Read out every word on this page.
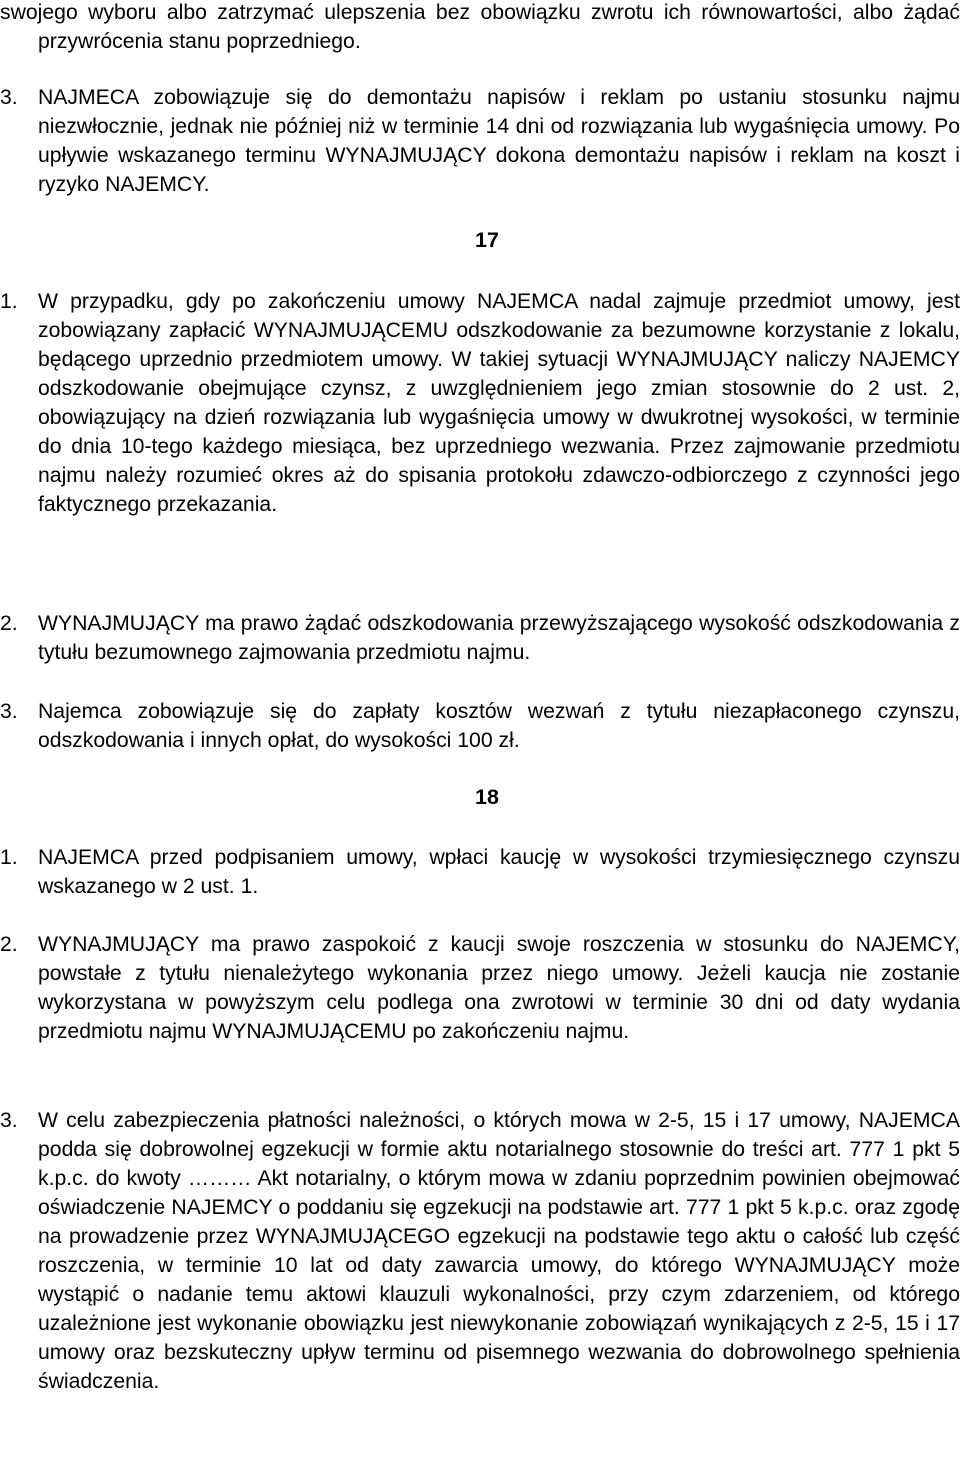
swojego wyboru albo zatrzymać ulepszenia bez obowiązku zwrotu ich równowartości, albo żądać przywrócenia stanu poprzedniego.
3. NAJMECA zobowiązuje się do demontażu napisów i reklam po ustaniu stosunku najmu niezwłocznie, jednak nie później niż w terminie 14 dni od rozwiązania lub wygaśnięcia umowy. Po upływie wskazanego terminu WYNAJMUJĄCY dokona demontażu napisów i reklam na koszt i ryzyko NAJEMCY.
17
1. W przypadku, gdy po zakończeniu umowy NAJEMCA nadal zajmuje przedmiot umowy, jest zobowiązany zapłacić WYNAJMUJĄCEMU odszkodowanie za bezumowne korzystanie z lokalu, będącego uprzednio przedmiotem umowy. W takiej sytuacji WYNAJMUJĄCY naliczy NAJEMCY odszkodowanie obejmujące czynsz, z uwzględnieniem jego zmian stosownie do 2 ust. 2, obowiązujący na dzień rozwiązania lub wygaśnięcia umowy w dwukrotnej wysokości, w terminie do dnia 10-tego każdego miesiąca, bez uprzedniego wezwania. Przez zajmowanie przedmiotu najmu należy rozumieć okres aż do spisania protokołu zdawczo-odbiorczego z czynności jego faktycznego przekazania.
2. WYNAJMUJĄCY ma prawo żądać odszkodowania przewyższającego wysokość odszkodowania z tytułu bezumownego zajmowania przedmiotu najmu.
3. Najemca zobowiązuje się do zapłaty kosztów wezwań z tytułu niezapłaconego czynszu, odszkodowania i innych opłat, do wysokości 100 zł.
18
1. NAJEMCA przed podpisaniem umowy, wpłaci kaucję w wysokości trzymiesięcznego czynszu wskazanego w 2 ust. 1.
2. WYNAJMUJĄCY ma prawo zaspokoić z kaucji swoje roszczenia w stosunku do NAJEMCY, powstałe z tytułu nienależytego wykonania przez niego umowy. Jeżeli kaucja nie zostanie wykorzystana w powyższym celu podlega ona zwrotowi w terminie 30 dni od daty wydania przedmiotu najmu WYNAJMUJĄCEMU po zakończeniu najmu.
3. W celu zabezpieczenia płatności należności, o których mowa w 2-5, 15 i 17 umowy, NAJEMCA podda się dobrowolnej egzekucji w formie aktu notarialnego stosownie do treści art. 777 1 pkt 5 k.p.c. do kwoty ……… Akt notarialny, o którym mowa w zdaniu poprzednim powinien obejmować oświadczenie NAJEMCY o poddaniu się egzekucji na podstawie art. 777 1 pkt 5 k.p.c. oraz zgodę na prowadzenie przez WYNAJMUJĄCEGO egzekucji na podstawie tego aktu o całość lub część roszczenia, w terminie 10 lat od daty zawarcia umowy, do którego WYNAJMUJĄCY może wystąpić o nadanie temu aktowi klauzuli wykonalności, przy czym zdarzeniem, od którego uzależnione jest wykonanie obowiązku jest niewykonanie zobowiązań wynikających z 2-5, 15 i 17 umowy oraz bezskuteczny upływ terminu od pisemnego wezwania do dobrowolnego spełnienia świadczenia.
